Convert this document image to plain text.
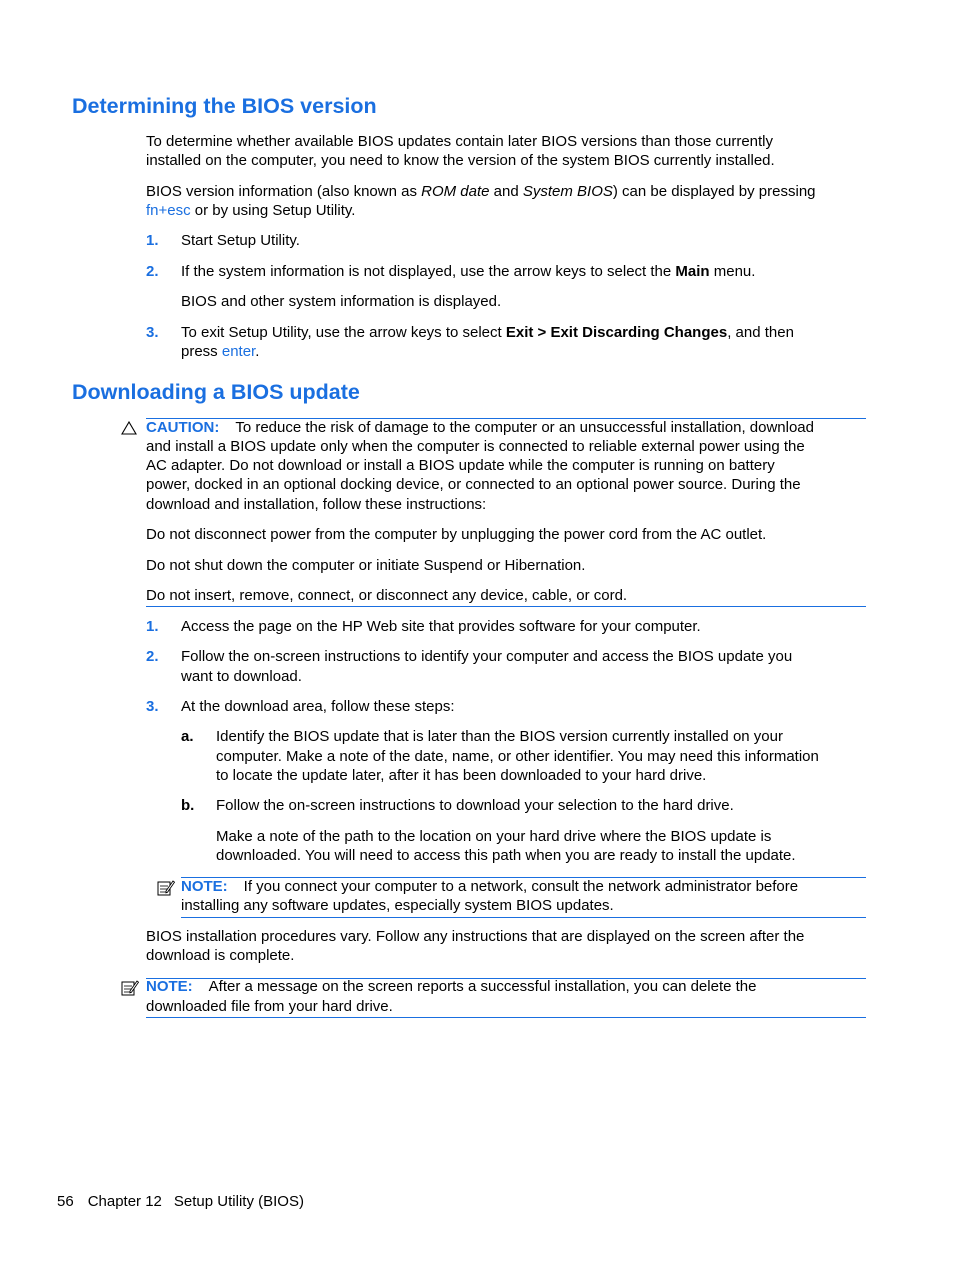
Determining the BIOS version
To determine whether available BIOS updates contain later BIOS versions than those currently
installed on the computer, you need to know the version of the system BIOS currently installed.
BIOS version information (also known as ROM date and System BIOS) can be displayed by pressing
fn+esc or by using Setup Utility.
1. Start Setup Utility.
2. If the system information is not displayed, use the arrow keys to select the Main menu.
BIOS and other system information is displayed.
3. To exit Setup Utility, use the arrow keys to select Exit > Exit Discarding Changes, and then
press enter.
Downloading a BIOS update
CAUTION: To reduce the risk of damage to the computer or an unsuccessful installation, download
and install a BIOS update only when the computer is connected to reliable external power using the
AC adapter. Do not download or install a BIOS update while the computer is running on battery
power, docked in an optional docking device, or connected to an optional power source. During the
download and installation, follow these instructions:
Do not disconnect power from the computer by unplugging the power cord from the AC outlet.
Do not shut down the computer or initiate Suspend or Hibernation.
Do not insert, remove, connect, or disconnect any device, cable, or cord.
1. Access the page on the HP Web site that provides software for your computer.
2. Follow the on-screen instructions to identify your computer and access the BIOS update you
want to download.
3. At the download area, follow these steps:
a. Identify the BIOS update that is later than the BIOS version currently installed on your
computer. Make a note of the date, name, or other identifier. You may need this information
to locate the update later, after it has been downloaded to your hard drive.
b. Follow the on-screen instructions to download your selection to the hard drive.
Make a note of the path to the location on your hard drive where the BIOS update is
downloaded. You will need to access this path when you are ready to install the update.
NOTE: If you connect your computer to a network, consult the network administrator before
installing any software updates, especially system BIOS updates.
BIOS installation procedures vary. Follow any instructions that are displayed on the screen after the
download is complete.
NOTE: After a message on the screen reports a successful installation, you can delete the
downloaded file from your hard drive.
56 Chapter 12 Setup Utility (BIOS)
